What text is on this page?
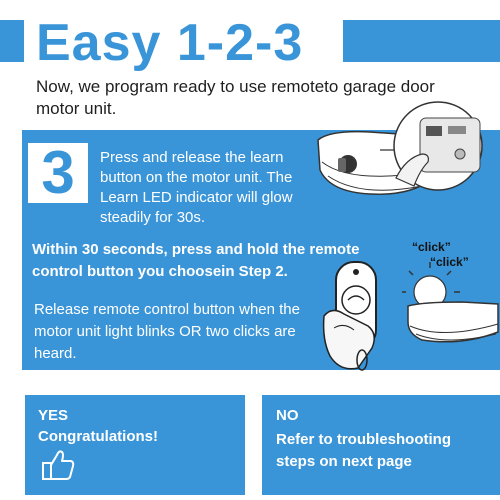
Easy 1-2-3
Now, we program ready to use remoteto garage door motor unit.
3	Press and release the learn button on the motor unit. The Learn LED indicator will glow steadily for 30s.
Within 30 seconds, press and hold the remote control button you choosein Step 2.
Release remote control button when the motor unit light blinks OR two clicks are heard.
“click”
“click”
YES
Congratulations!
NO
Refer to troubleshooting steps on next page
